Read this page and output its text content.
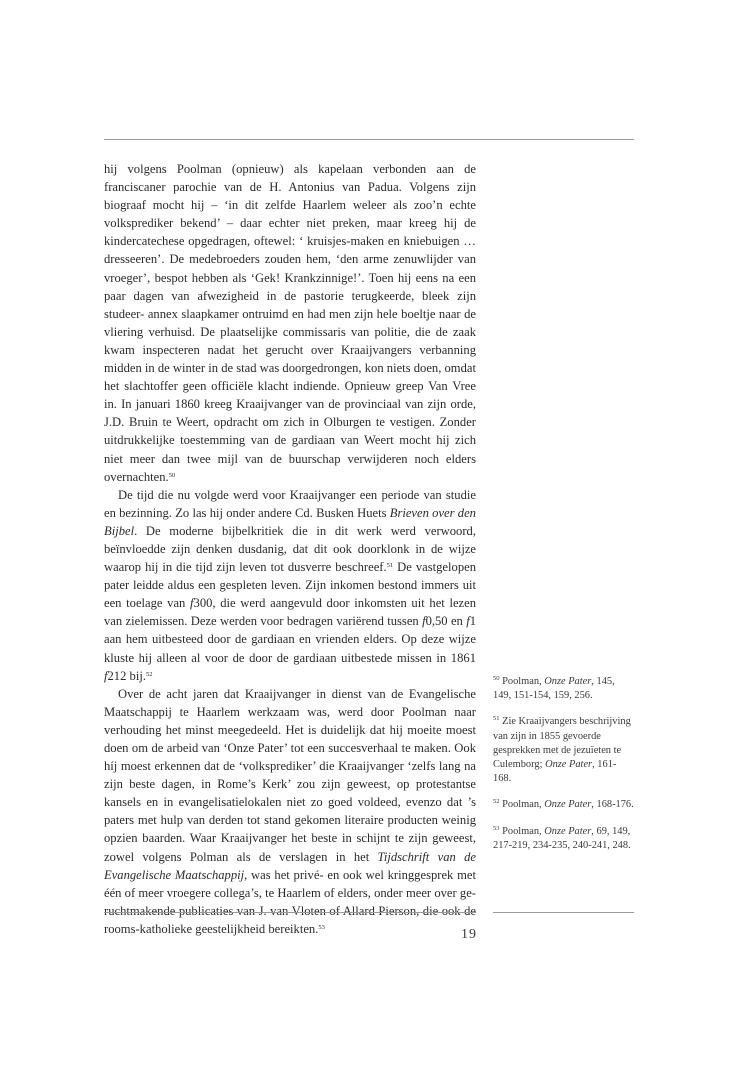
hij volgens Poolman (opnieuw) als kapelaan verbonden aan de franciscaner parochie van de H. Antonius van Padua. Volgens zijn biograaf mocht hij – ‘in dit zelfde Haarlem weleer als zoo’n echte volksprediker bekend’ – daar echter niet preken, maar kreeg hij de kindercatechese opgedragen, oftewel: ‘ kruisjes-maken en kniebuigen … dresseeren’. De medebroeders zouden hem, ‘den arme zenuwlijder van vroeger’, bespot hebben als ‘Gek! Krankzinnige!’. Toen hij eens na een paar dagen van afwezigheid in de pastorie terugkeerde, bleek zijn studeer- annex slaapkamer ontruimd en had men zijn hele boeltje naar de vliering verhuisd. De plaatselijke commissaris van politie, die de zaak kwam inspecteren nadat het gerucht over Kraaijvangers verbanning midden in de winter in de stad was doorgedrongen, kon niets doen, omdat het slachtoffer geen officiële klacht indiende. Opnieuw greep Van Vree in. In januari 1860 kreeg Kraaijvanger van de provinciaal van zijn orde, J.D. Bruin te Weert, opdracht om zich in Olburgen te vestigen. Zonder uitdrukkelijke toestemming van de gardiaan van Weert mocht hij zich niet meer dan twee mijl van de buurschap verwijderen noch elders overnachten.$^{50}$

De tijd die nu volgde werd voor Kraaijvanger een periode van studie en bezinning. Zo las hij onder andere Cd. Busken Huets Brieven over den Bijbel. De moderne bijbelkritiek die in dit werk werd verwoord, beïnvloedde zijn denken dusdanig, dat dit ook doorklonk in de wijze waarop hij in die tijd zijn leven tot dusverre beschreef.$^{51}$ De vastgelopen pater leidde aldus een gespleten leven. Zijn inkomen bestond immers uit een toelage van f300, die werd aangevuld door inkomsten uit het lezen van zielemissen. Deze werden voor bedragen variërend tussen f0,50 en f1 aan hem uitbesteed door de gardiaan en vrienden elders. Op deze wijze kluste hij alleen al voor de door de gardiaan uitbestede missen in 1861 f212 bij.$^{52}$

Over de acht jaren dat Kraaijvanger in dienst van de Evangelische Maatschappij te Haarlem werkzaam was, werd door Poolman naar verhouding het minst meegedeeld. Het is duidelijk dat hij moeite moest doen om de arbeid van ‘Onze Pater’ tot een succesverhaal te maken. Ook híj moest erkennen dat de ‘volksprediker’ die Kraaijvanger ‘zelfs lang na zijn beste dagen, in Rome’s Kerk’ zou zijn geweest, op protestantse kansels en in evangelisatielokalen niet zo goed voldeed, evenzo dat ’s paters met hulp van derden tot stand gekomen literaire producten weinig opzien baarden. Waar Kraaijvanger het beste in schijnt te zijn geweest, zowel volgens Polman als de verslagen in het Tijdschrift van de Evangelische Maatschappij, was het privé- en ook wel kringgesprek met één of meer vroegere collega’s, te Haarlem of elders, onder meer over geruchtmakende publicaties van J. van Vloten of Allard Pierson, die ook de rooms-katholieke geestelijkheid bereikten.$^{53}$

$^{50}$ Poolman, Onze Pater, 145, 149, 151-154, 159, 256.

$^{51}$ Zie Kraaijvangers beschrijving van zijn in 1855 gevoerde gesprekken met de jezuïeten te Culemborg; Onze Pater, 161-168.

$^{52}$ Poolman, Onze Pater, 168-176.

$^{53}$ Poolman, Onze Pater, 69, 149, 217-219, 234-235, 240-241, 248.

19
